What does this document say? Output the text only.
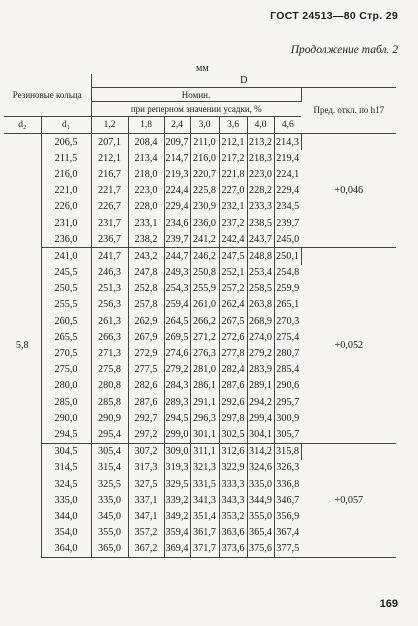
ГОСТ 24513—80 Стр. 29
Продолжение табл. 2
мм
Резиновые кольца		D							
		Номин.							Пред. откл. по h17
		при реперном значении усадки, %							
d₂	d₁	1,2	1,8	2,4	3,0	3,6	4,0	4,6	
5,8	206,5	207,1	208,4	209,7	211,0	212,1	213,2	214,3	+0,046
	211,5	212,1	213,4	214,7	216,0	217,2	218,3	219,4	
	216,0	216,7	218,0	219,3	220,7	221,8	223,0	224,1	
	221,0	221,7	223,0	224,4	225,8	227,0	228,2	229,4	
	226,0	226,7	228,0	229,4	230,9	232,1	233,3	234,5	
	231,0	231,7	233,1	234,6	236,0	237,2	238,5	239,7	
	236,0	236,7	238,2	239,7	241,2	242,4	243,7	245,0	
	241,0	241,7	243,2	244,7	246,2	247,5	248,8	250,1	+0,052
	245,5	246,3	247,8	249,3	250,8	252,1	253,4	254,8	
	250,5	251,3	252,8	254,3	255,9	257,2	258,5	259,9	
	255,5	256,3	257,8	259,4	261,0	262,4	263,8	265,1	
	260,5	261,3	262,9	264,5	266,2	267,5	268,9	270,3	
	265,5	266,3	267,9	269,5	271,2	272,6	274,0	275,4	
	270,5	271,3	272,9	274,6	276,3	277,8	279,2	280,7	
	275,0	275,8	277,5	279,2	281,0	282,4	283,9	285,4	
	280,0	280,8	282,6	284,3	286,1	287,6	289,1	290,6	
	285,0	285,8	287,6	289,3	291,1	292,6	294,2	295,7	
	290,0	290,9	292,7	294,5	296,3	297,8	299,4	300,9	
	294,5	295,4	297,2	299,0	301,1	302,5	304,1	305,7	
	304,5	305,4	307,2	309,0	311,1	312,6	314,2	315,8	+0,057
	314,5	315,4	317,3	319,3	321,3	322,9	324,6	326,3	
	324,5	325,5	327,5	329,5	331,5	333,3	335,0	336,8	
	335,0	335,0	337,1	339,2	341,3	343,3	344,9	346,7	
	344,0	345,0	347,1	349,2	351,4	353,2	355,0	356,9	
	354,0	355,0	357,2	359,4	361,7	363,6	365,4	367,4	
	364,0	365,0	367,2	369,4	371,7	373,6	375,6	377,5	
169
